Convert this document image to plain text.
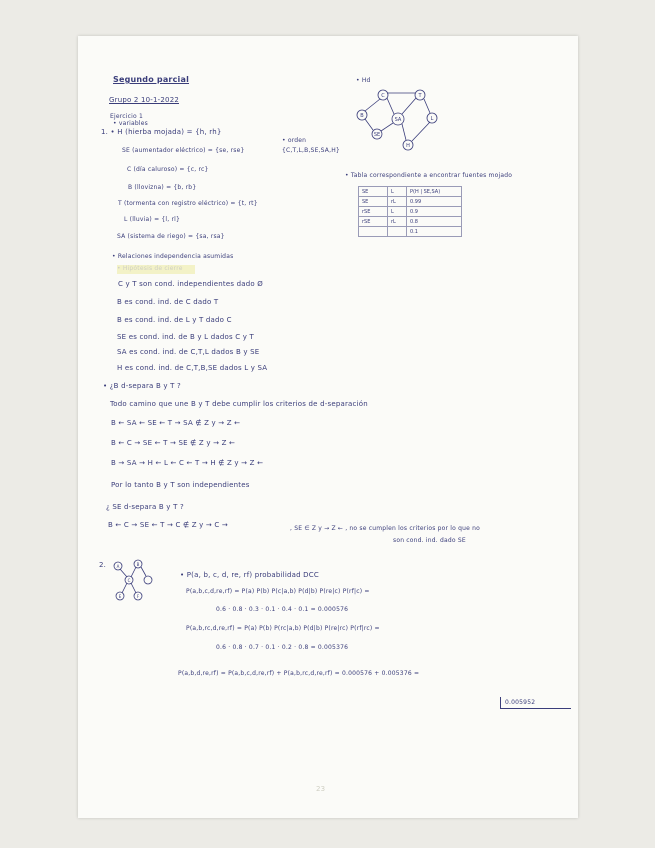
Segundo parcial
Grupo 2 10-1-2022
Ejercicio 1
• variables
1. • H (hierba mojada) = {h, rh}
SE (aumentador eléctrico) = {se, rse}
C (día caluroso) = {c, rc}
B (llovizna) = {b, rb}
T (tormenta con registro eléctrico) = {t, rt}
L (lluvia) = {l, rl}
SA (sistema de riego) = {sa, rsa}
• Hd
C	T
B
SA	L
SE
H
• orden
{C,T,L,B,SE,SA,H}
• Tabla correspondiente a encontrar fuentes mojado
SE	L	P(H | SE,SA)
SE	rL	0.99
rSE	L	0.9
rSE	rL	0.8
		0.1
• Relaciones independencia asumidas
• Hipótesis de cierre
C y T son cond. independientes dado Ø
B es cond. ind. de C dado T
B es cond. ind. de L y T dado C
SE es cond. ind. de B y L dados C y T
SA es cond. ind. de C,T,L dados B y SE
H es cond. ind. de C,T,B,SE dados L y SA
• ¿B d-separa B y T ?
Todo camino que une B y T debe cumplir los criterios de d-separación
B ← SA ← SE ← T → SA ∉ Z y → Z ←
B ← C → SE ← T → SE ∉ Z y → Z ←
B → SA → H ← L ← C ← T → H ∉ Z y → Z ←
Por lo tanto B y T son independientes
¿ SE d-separa B y T ?
B ← C → SE ← T → C ∉ Z y → C →	, SE ∈ Z y → Z ← , no se cumplen los criterios por lo que no
son cond. ind. dado SE
2.	A	B
C
E	F
• P(a, b, c, d, re, rf) probabilidad DCC
P(a,b,c,d,re,rf) = P(a) P(b) P(c|a,b) P(d|b) P(re|c) P(rf|c) =
0.6 · 0.8 · 0.3 · 0.1 · 0.4 · 0.1 = 0.000576
P(a,b,rc,d,re,rf) = P(a) P(b) P(rc|a,b) P(d|b) P(re|rc) P(rf|rc) =
0.6 · 0.8 · 0.7 · 0.1 · 0.2 · 0.8 = 0.005376
P(a,b,d,re,rf) = P(a,b,c,d,re,rf) + P(a,b,rc,d,re,rf) = 0.000576 + 0.005376 =
0.005952
23
